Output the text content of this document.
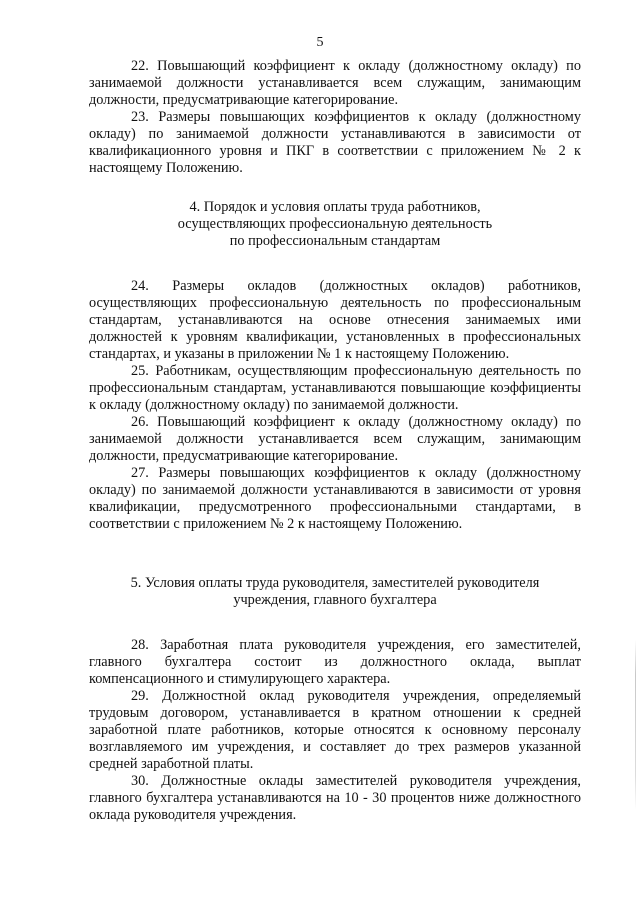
5

22. Повышающий коэффициент к окладу (должностному окладу) по занимаемой должности устанавливается всем служащим, занимающим должности, предусматривающие категорирование.

23. Размеры повышающих коэффициентов к окладу (должностному окладу) по занимаемой должности устанавливаются в зависимости от квалификационного уровня и ПКГ в соответствии с приложением № 2 к настоящему Положению.

4. Порядок и условия оплаты труда работников,
осуществляющих профессиональную деятельность
по профессиональным стандартам

24. Размеры окладов (должностных окладов) работников, осуществляющих профессиональную деятельность по профессиональным стандартам, устанавливаются на основе отнесения занимаемых ими должностей к уровням квалификации, установленных в профессиональных стандартах, и указаны в приложении № 1 к настоящему Положению.

25. Работникам, осуществляющим профессиональную деятельность по профессиональным стандартам, устанавливаются повышающие коэффициенты к окладу (должностному окладу) по занимаемой должности.

26. Повышающий коэффициент к окладу (должностному окладу) по занимаемой должности устанавливается всем служащим, занимающим должности, предусматривающие категорирование.

27. Размеры повышающих коэффициентов к окладу (должностному окладу) по занимаемой должности устанавливаются в зависимости от уровня квалификации, предусмотренного профессиональными стандартами, в соответствии с приложением № 2 к настоящему Положению.

5. Условия оплаты труда руководителя, заместителей руководителя
учреждения, главного бухгалтера

28. Заработная плата руководителя учреждения, его заместителей, главного бухгалтера состоит из должностного оклада, выплат компенсационного и стимулирующего характера.

29. Должностной оклад руководителя учреждения, определяемый трудовым договором, устанавливается в кратном отношении к средней заработной плате работников, которые относятся к основному персоналу возглавляемого им учреждения, и составляет до трех размеров указанной средней заработной платы.

30. Должностные оклады заместителей руководителя учреждения, главного бухгалтера устанавливаются на 10 - 30 процентов ниже должностного оклада руководителя учреждения.
